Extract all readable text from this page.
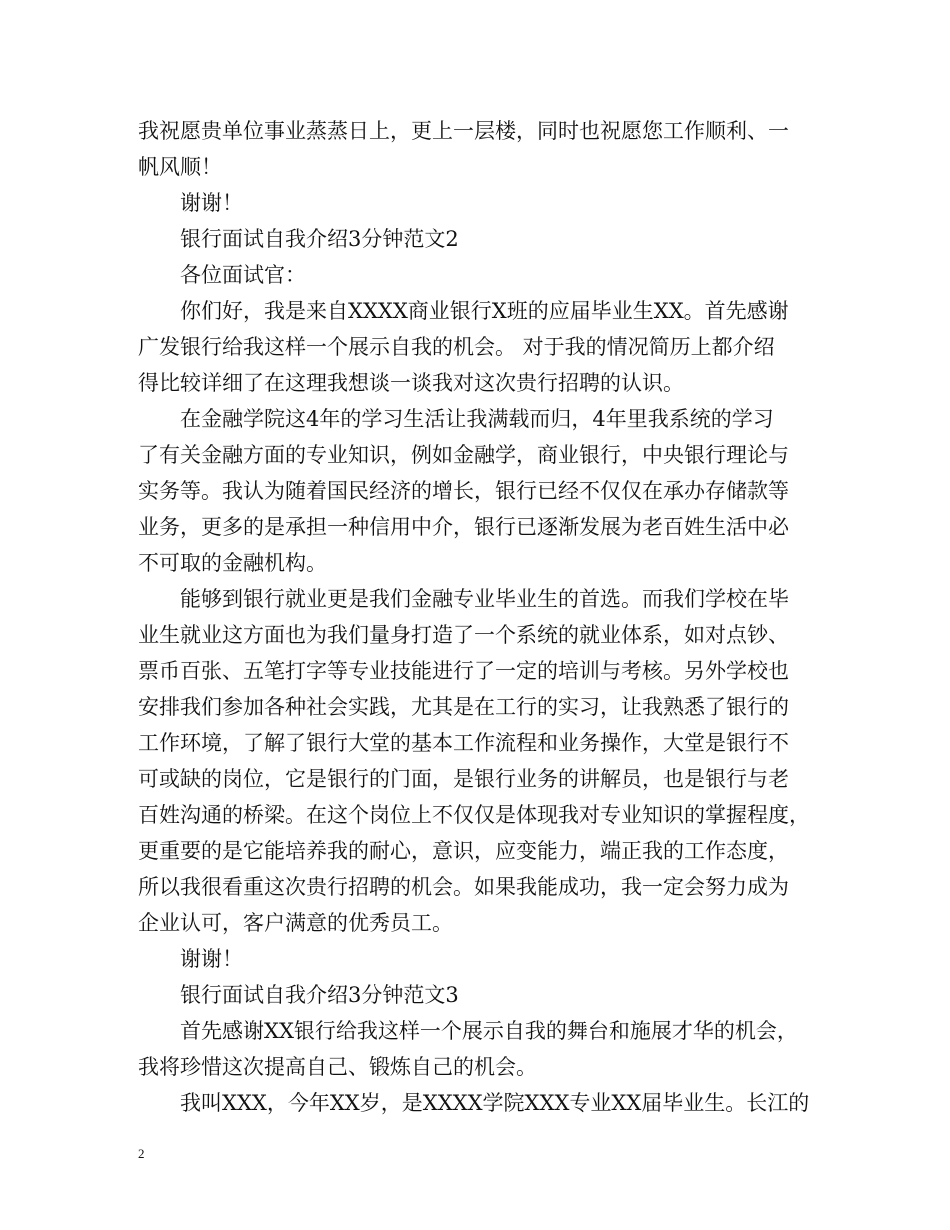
我祝愿贵单位事业蒸蒸日上，更上一层楼，同时也祝愿您工作顺利、一
帆风顺！
谢谢！
银行面试自我介绍3分钟范文2
各位面试官：
你们好，我是来自XXXX商业银行X班的应届毕业生XX。首先感谢
广发银行给我这样一个展示自我的机会。 对于我的情况简历上都介绍
得比较详细了在这理我想谈一谈我对这次贵行招聘的认识。
在金融学院这4年的学习生活让我满载而归，4年里我系统的学习
了有关金融方面的专业知识，例如金融学，商业银行，中央银行理论与
实务等。我认为随着国民经济的增长，银行已经不仅仅在承办存储款等
业务，更多的是承担一种信用中介，银行已逐渐发展为老百姓生活中必
不可取的金融机构。
能够到银行就业更是我们金融专业毕业生的首选。而我们学校在毕
业生就业这方面也为我们量身打造了一个系统的就业体系，如对点钞、
票币百张、五笔打字等专业技能进行了一定的培训与考核。另外学校也
安排我们参加各种社会实践，尤其是在工行的实习，让我熟悉了银行的
工作环境，了解了银行大堂的基本工作流程和业务操作，大堂是银行不
可或缺的岗位，它是银行的门面，是银行业务的讲解员，也是银行与老
百姓沟通的桥梁。在这个岗位上不仅仅是体现我对专业知识的掌握程度，
更重要的是它能培养我的耐心，意识，应变能力，端正我的工作态度，
所以我很看重这次贵行招聘的机会。如果我能成功，我一定会努力成为
企业认可，客户满意的优秀员工。
谢谢！
银行面试自我介绍3分钟范文3
首先感谢XX银行给我这样一个展示自我的舞台和施展才华的机会，
我将珍惜这次提高自己、锻炼自己的机会。
我叫XXX，今年XX岁，是XXXX学院XXX专业XX届毕业生。长江的
2
